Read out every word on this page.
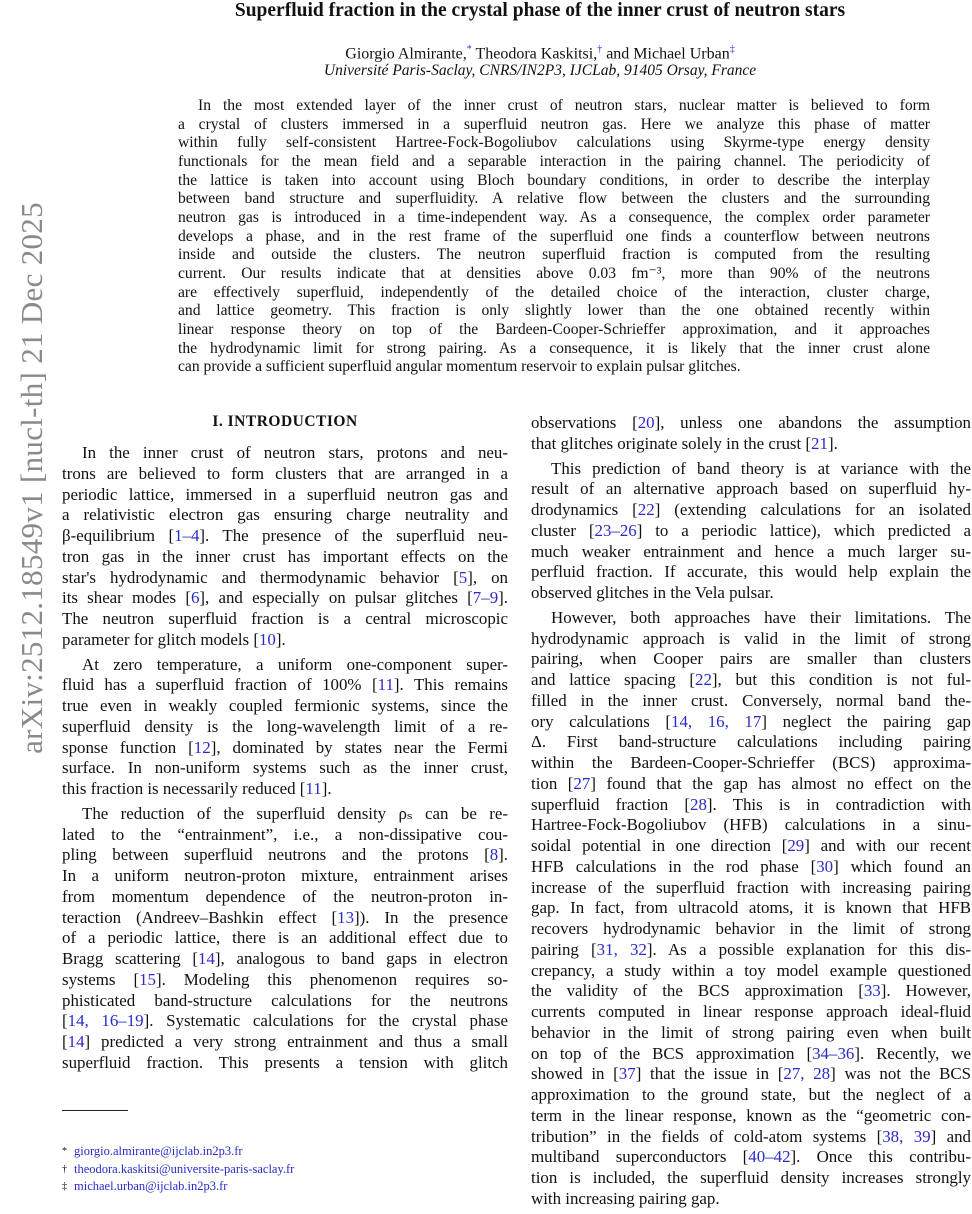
arXiv:2512.18549v1 [nucl-th] 21 Dec 2025
Superfluid fraction in the crystal phase of the inner crust of neutron stars
Giorgio Almirante,* Theodora Kaskitsi,† and Michael Urban‡
Université Paris-Saclay, CNRS/IN2P3, IJCLab, 91405 Orsay, France
In the most extended layer of the inner crust of neutron stars, nuclear matter is believed to form
a crystal of clusters immersed in a superfluid neutron gas. Here we analyze this phase of matter
within fully self-consistent Hartree-Fock-Bogoliubov calculations using Skyrme-type energy density
functionals for the mean field and a separable interaction in the pairing channel. The periodicity of
the lattice is taken into account using Bloch boundary conditions, in order to describe the interplay
between band structure and superfluidity. A relative flow between the clusters and the surrounding
neutron gas is introduced in a time-independent way. As a consequence, the complex order parameter
develops a phase, and in the rest frame of the superfluid one finds a counterflow between neutrons
inside and outside the clusters. The neutron superfluid fraction is computed from the resulting
current. Our results indicate that at densities above 0.03 fm⁻³, more than 90% of the neutrons
are effectively superfluid, independently of the detailed choice of the interaction, cluster charge,
and lattice geometry. This fraction is only slightly lower than the one obtained recently within
linear response theory on top of the Bardeen-Cooper-Schrieffer approximation, and it approaches
the hydrodynamic limit for strong pairing. As a consequence, it is likely that the inner crust alone
can provide a sufficient superfluid angular momentum reservoir to explain pulsar glitches.
I. INTRODUCTION
In the inner crust of neutron stars, protons and neu-
trons are believed to form clusters that are arranged in a
periodic lattice, immersed in a superfluid neutron gas and
a relativistic electron gas ensuring charge neutrality and
β-equilibrium [1–4]. The presence of the superfluid neu-
tron gas in the inner crust has important effects on the
star's hydrodynamic and thermodynamic behavior [5], on
its shear modes [6], and especially on pulsar glitches [7–9].
The neutron superfluid fraction is a central microscopic
parameter for glitch models [10].
At zero temperature, a uniform one-component super-
fluid has a superfluid fraction of 100% [11]. This remains
true even in weakly coupled fermionic systems, since the
superfluid density is the long-wavelength limit of a re-
sponse function [12], dominated by states near the Fermi
surface. In non-uniform systems such as the inner crust,
this fraction is necessarily reduced [11].
The reduction of the superfluid density ρₛ can be re-
lated to the “entrainment”, i.e., a non-dissipative cou-
pling between superfluid neutrons and the protons [8].
In a uniform neutron-proton mixture, entrainment arises
from momentum dependence of the neutron-proton in-
teraction (Andreev–Bashkin effect [13]). In the presence
of a periodic lattice, there is an additional effect due to
Bragg scattering [14], analogous to band gaps in electron
systems [15]. Modeling this phenomenon requires so-
phisticated band-structure calculations for the neutrons
[14, 16–19]. Systematic calculations for the crystal phase
[14] predicted a very strong entrainment and thus a small
superfluid fraction. This presents a tension with glitch
observations [20], unless one abandons the assumption
that glitches originate solely in the crust [21].
This prediction of band theory is at variance with the
result of an alternative approach based on superfluid hy-
drodynamics [22] (extending calculations for an isolated
cluster [23–26] to a periodic lattice), which predicted a
much weaker entrainment and hence a much larger su-
perfluid fraction. If accurate, this would help explain the
observed glitches in the Vela pulsar.
However, both approaches have their limitations. The
hydrodynamic approach is valid in the limit of strong
pairing, when Cooper pairs are smaller than clusters
and lattice spacing [22], but this condition is not ful-
filled in the inner crust. Conversely, normal band the-
ory calculations [14, 16, 17] neglect the pairing gap
Δ. First band-structure calculations including pairing
within the Bardeen-Cooper-Schrieffer (BCS) approxima-
tion [27] found that the gap has almost no effect on the
superfluid fraction [28]. This is in contradiction with
Hartree-Fock-Bogoliubov (HFB) calculations in a sinu-
soidal potential in one direction [29] and with our recent
HFB calculations in the rod phase [30] which found an
increase of the superfluid fraction with increasing pairing
gap. In fact, from ultracold atoms, it is known that HFB
recovers hydrodynamic behavior in the limit of strong
pairing [31, 32]. As a possible explanation for this dis-
crepancy, a study within a toy model example questioned
the validity of the BCS approximation [33]. However,
currents computed in linear response approach ideal-fluid
behavior in the limit of strong pairing even when built
on top of the BCS approximation [34–36]. Recently, we
showed in [37] that the issue in [27, 28] was not the BCS
approximation to the ground state, but the neglect of a
term in the linear response, known as the “geometric con-
tribution” in the fields of cold-atom systems [38, 39] and
multiband superconductors [40–42]. Once this contribu-
tion is included, the superfluid density increases strongly
with increasing pairing gap.
* giorgio.almirante@ijclab.in2p3.fr
† theodora.kaskitsi@universite-paris-saclay.fr
‡ michael.urban@ijclab.in2p3.fr
